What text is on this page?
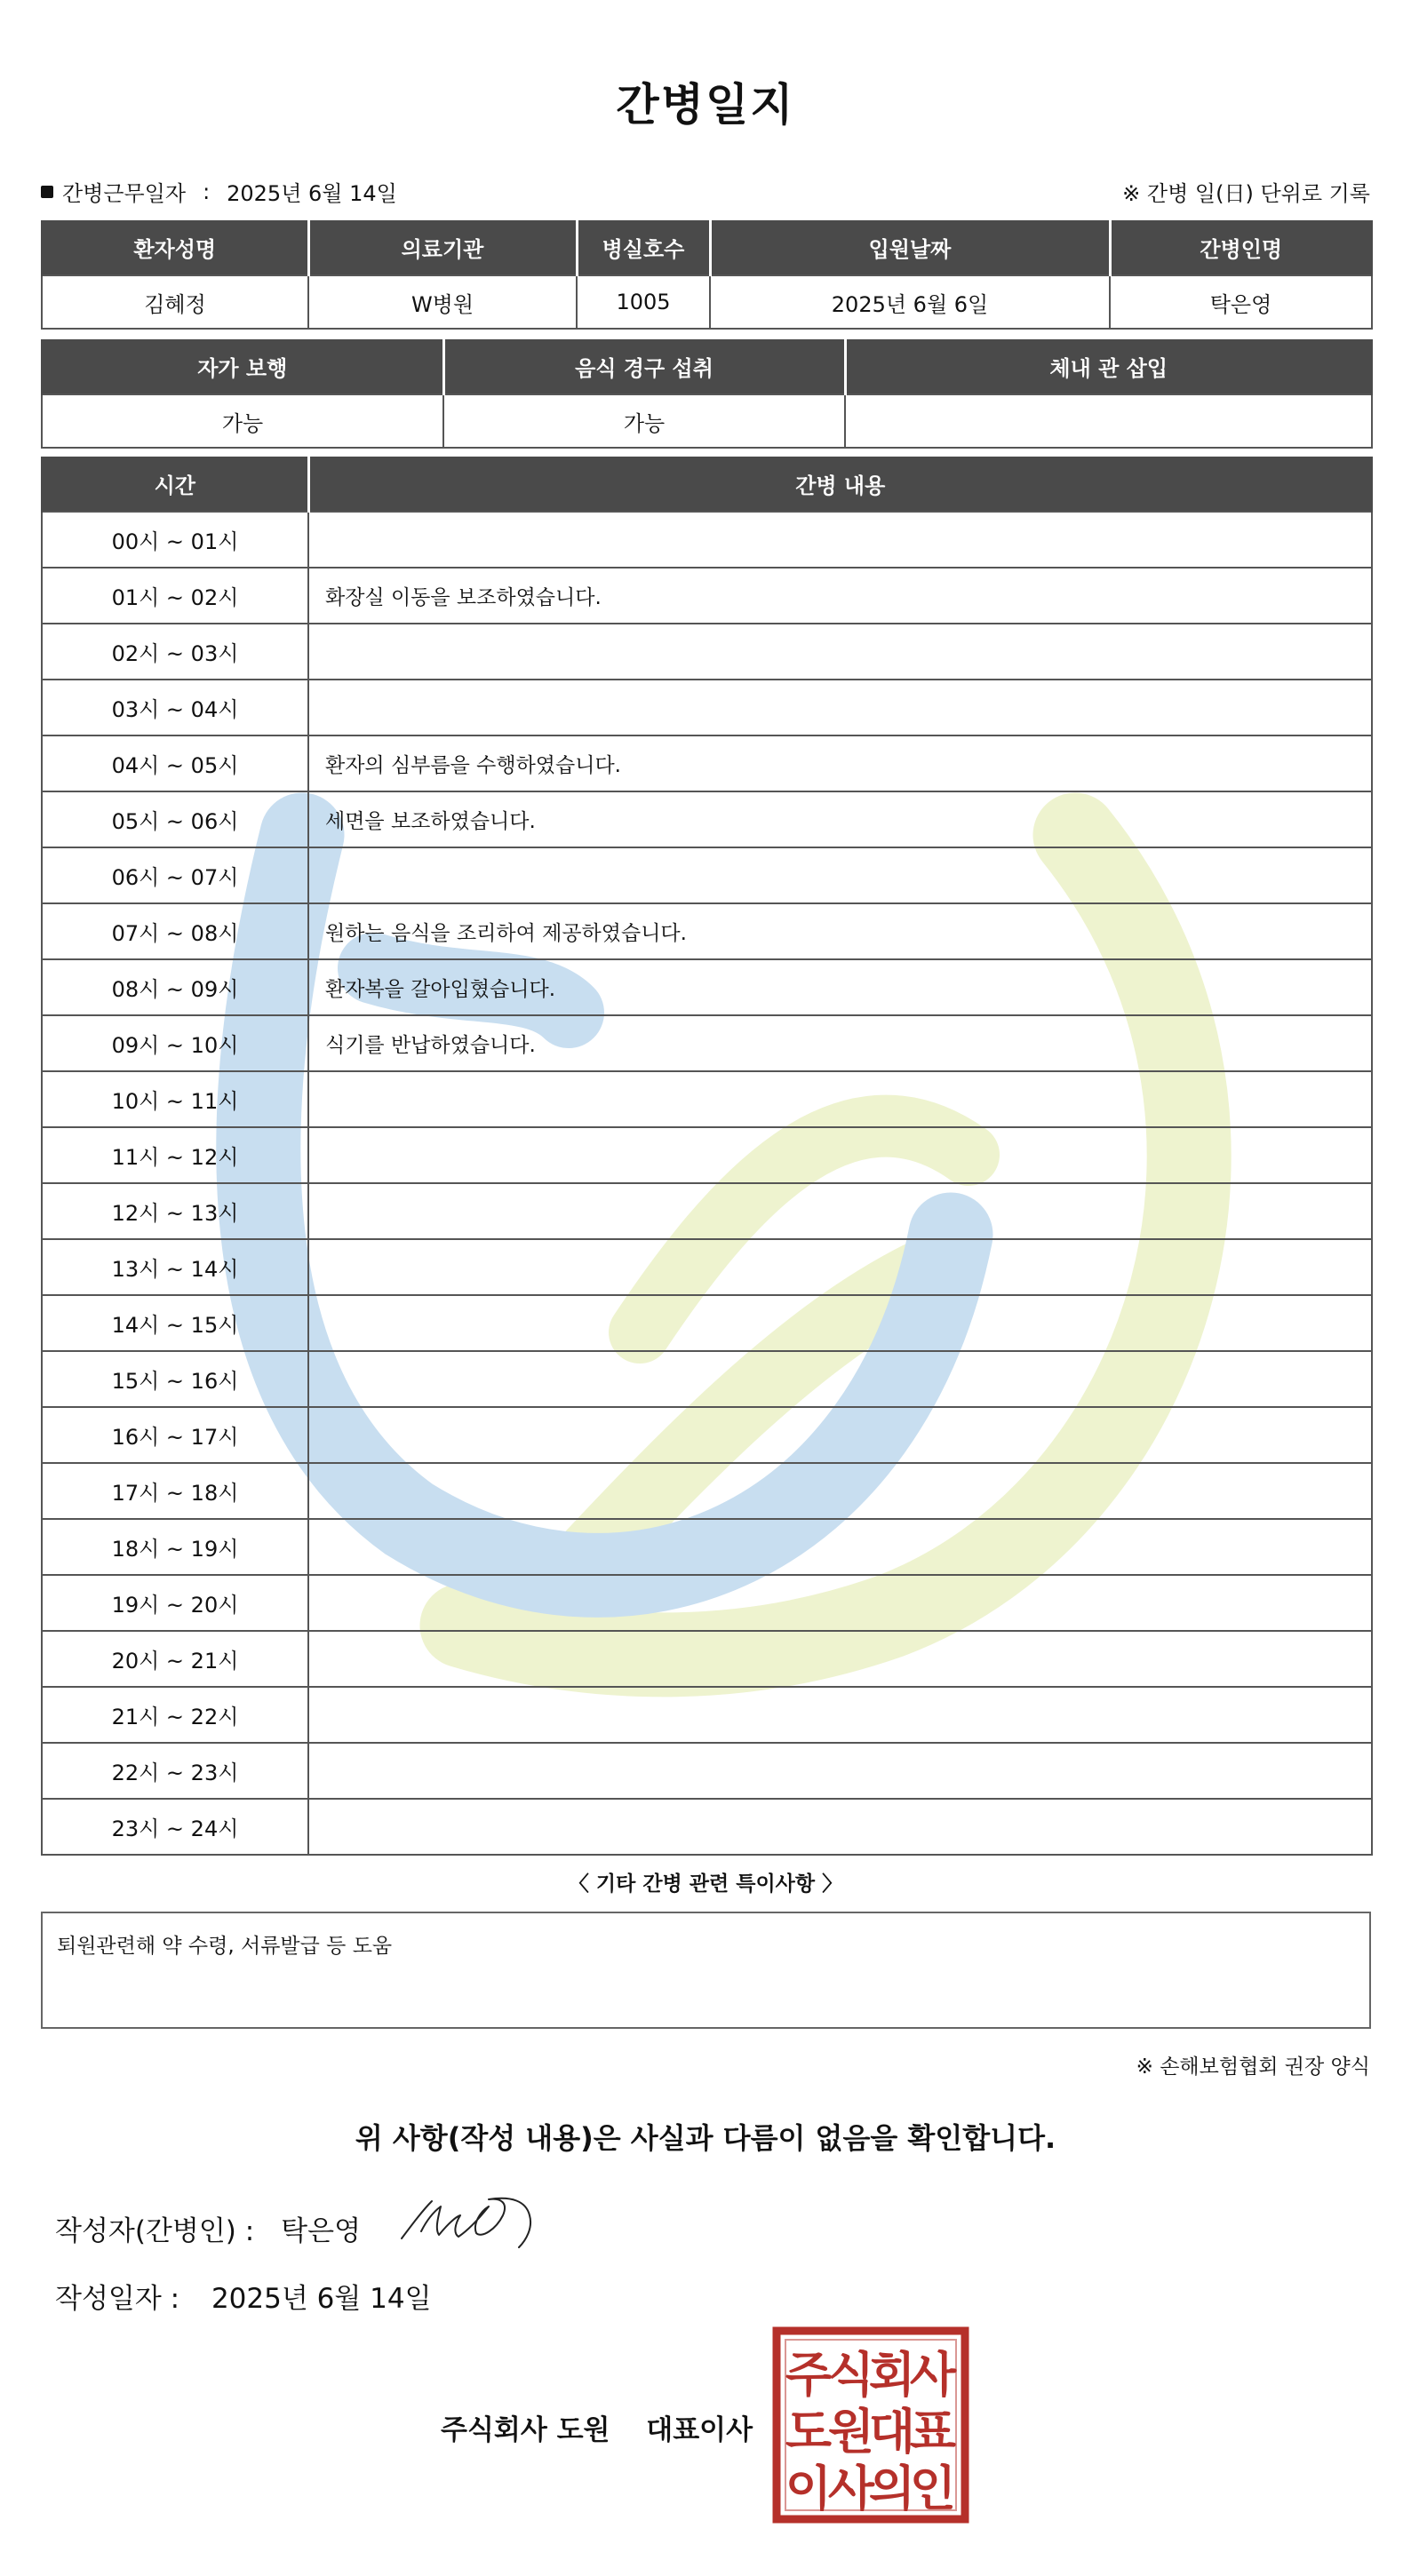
간병일지
간병근무일자 : 2025년 6월 14일	※ 간병 일(日) 단위로 기록
환자성명	의료기관	병실호수	입원날짜	간병인명
김혜정	W병원	1005	2025년 6월 6일	탁은영
자가 보행	음식 경구 섭취	체내 관 삽입
가능	가능	
시간	간병 내용
00시 ~ 01시	
01시 ~ 02시	화장실 이동을 보조하였습니다.
02시 ~ 03시	
03시 ~ 04시	
04시 ~ 05시	환자의 심부름을 수행하였습니다.
05시 ~ 06시	세면을 보조하였습니다.
06시 ~ 07시	
07시 ~ 08시	원하는 음식을 조리하여 제공하였습니다.
08시 ~ 09시	환자복을 갈아입혔습니다.
09시 ~ 10시	식기를 반납하였습니다.
10시 ~ 11시	
11시 ~ 12시	
12시 ~ 13시	
13시 ~ 14시	
14시 ~ 15시	
15시 ~ 16시	
16시 ~ 17시	
17시 ~ 18시	
18시 ~ 19시	
19시 ~ 20시	
20시 ~ 21시	
21시 ~ 22시	
22시 ~ 23시	
23시 ~ 24시	
〈 기타 간병 관련 특이사항 〉
퇴원관련해 약 수령, 서류발급 등 도움
※ 손해보험협회 권장 양식
위 사항(작성 내용)은 사실과 다름이 없음을 확인합니다.
작성자(간병인) : 탁은영
작성일자 : 2025년 6월 14일
주식회사 도원 대표이사
주
식
회
사
도
원
대
표
이
사
의
인
